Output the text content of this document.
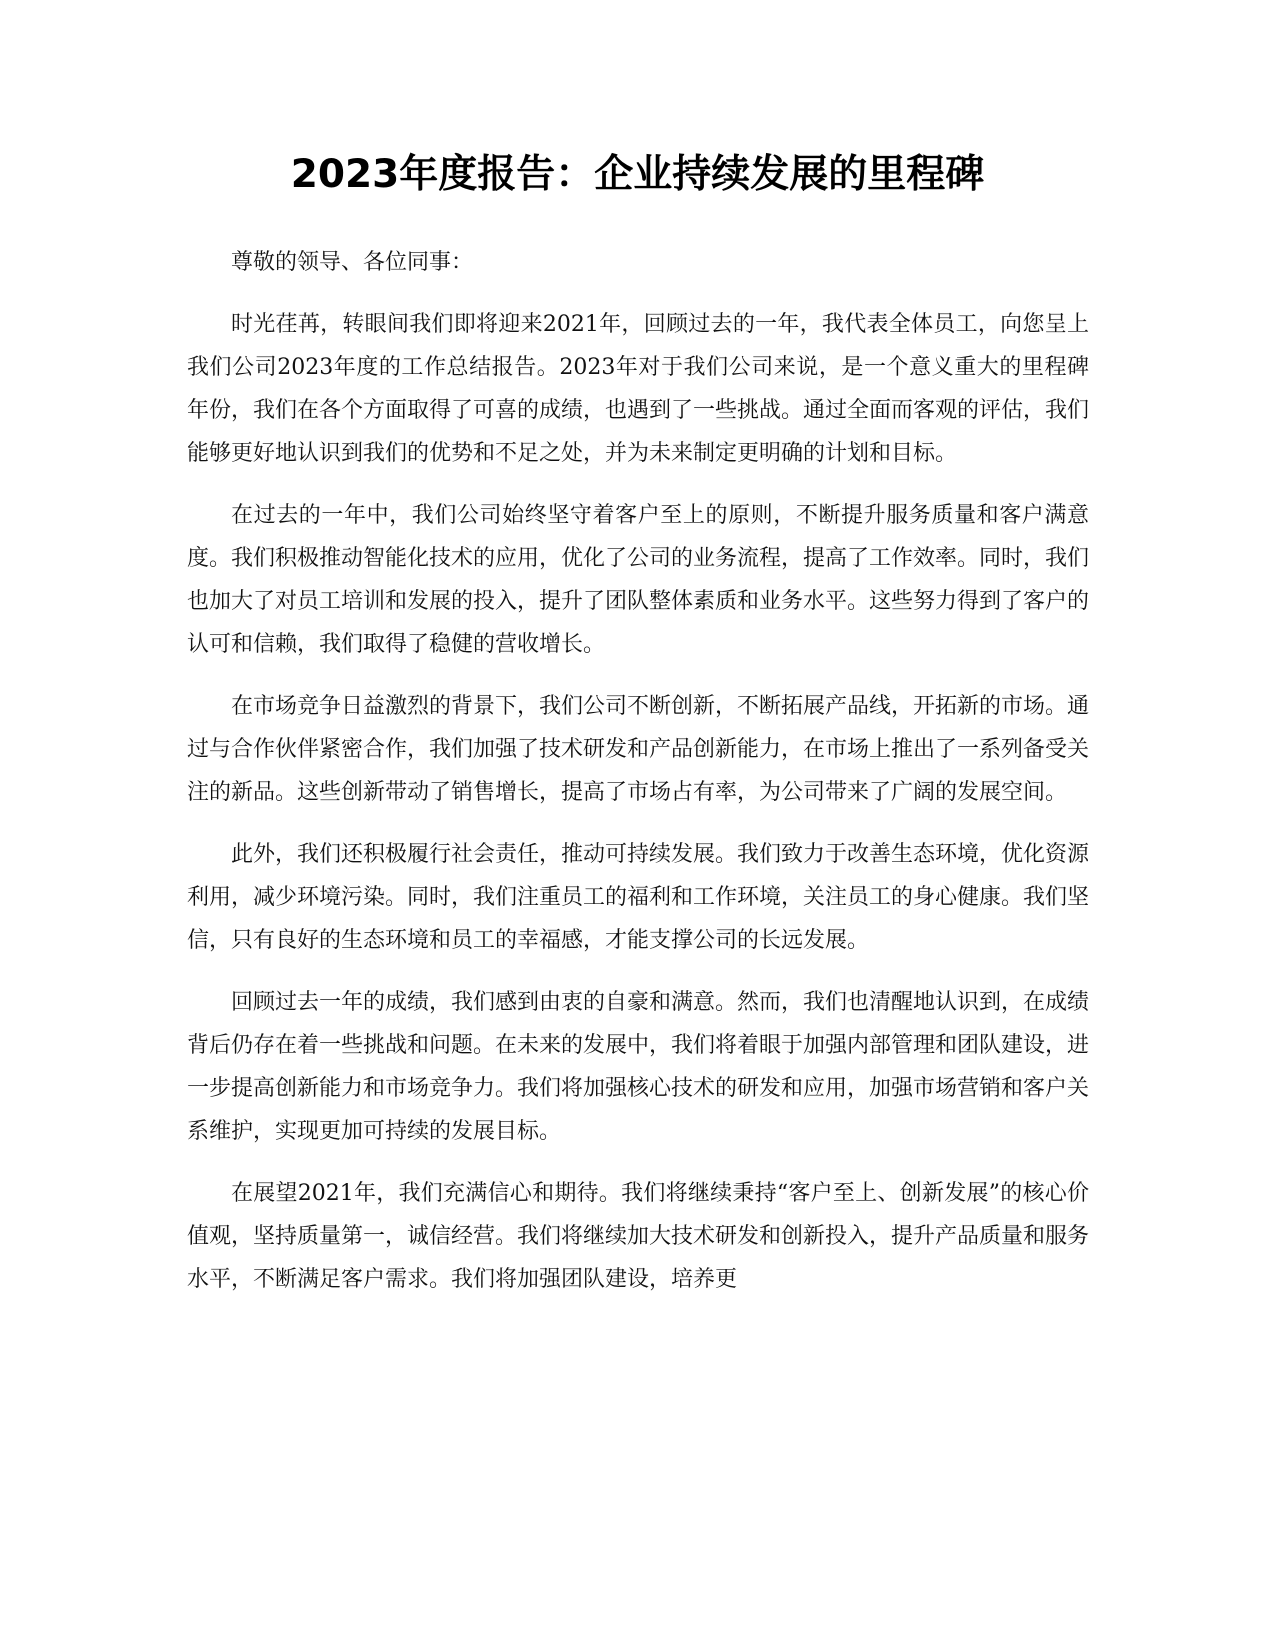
2023年度报告：企业持续发展的里程碑

尊敬的领导、各位同事：

时光荏苒，转眼间我们即将迎来2021年，回顾过去的一年，我代表全体员工，向您呈上我们公司2023年度的工作总结报告。2023年对于我们公司来说，是一个意义重大的里程碑年份，我们在各个方面取得了可喜的成绩，也遇到了一些挑战。通过全面而客观的评估，我们能够更好地认识到我们的优势和不足之处，并为未来制定更明确的计划和目标。

在过去的一年中，我们公司始终坚守着客户至上的原则，不断提升服务质量和客户满意度。我们积极推动智能化技术的应用，优化了公司的业务流程，提高了工作效率。同时，我们也加大了对员工培训和发展的投入，提升了团队整体素质和业务水平。这些努力得到了客户的认可和信赖，我们取得了稳健的营收增长。

在市场竞争日益激烈的背景下，我们公司不断创新，不断拓展产品线，开拓新的市场。通过与合作伙伴紧密合作，我们加强了技术研发和产品创新能力，在市场上推出了一系列备受关注的新品。这些创新带动了销售增长，提高了市场占有率，为公司带来了广阔的发展空间。

此外，我们还积极履行社会责任，推动可持续发展。我们致力于改善生态环境，优化资源利用，减少环境污染。同时，我们注重员工的福利和工作环境，关注员工的身心健康。我们坚信，只有良好的生态环境和员工的幸福感，才能支撑公司的长远发展。

回顾过去一年的成绩，我们感到由衷的自豪和满意。然而，我们也清醒地认识到，在成绩背后仍存在着一些挑战和问题。在未来的发展中，我们将着眼于加强内部管理和团队建设，进一步提高创新能力和市场竞争力。我们将加强核心技术的研发和应用，加强市场营销和客户关系维护，实现更加可持续的发展目标。

在展望2021年，我们充满信心和期待。我们将继续秉持“客户至上、创新发展”的核心价值观，坚持质量第一，诚信经营。我们将继续加大技术研发和创新投入，提升产品质量和服务水平，不断满足客户需求。我们将加强团队建设，培养更
